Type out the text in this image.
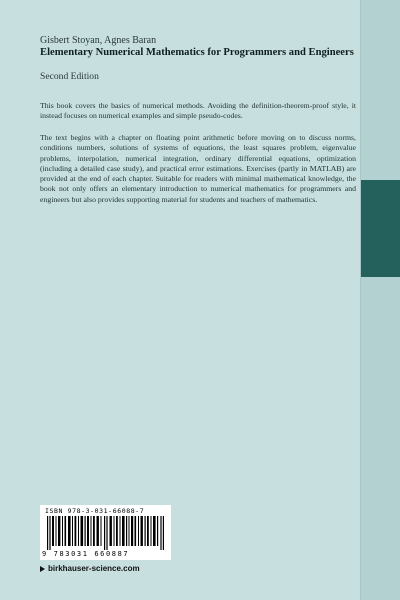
Gisbert Stoyan, Agnes Baran
Elementary Numerical Mathematics for Programmers and Engineers
Second Edition
This book covers the basics of numerical methods. Avoiding the definition-theorem-proof style, it instead focuses on numerical examples and simple pseudo-codes.
The text begins with a chapter on floating point arithmetic before moving on to discuss norms, conditions numbers, solutions of systems of equations, the least squares problem, eigenvalue problems, interpolation, numerical integration, ordinary differential equations, optimization (including a detailed case study), and practical error estimations. Exercises (partly in MATLAB) are provided at the end of each chapter. Suitable for readers with minimal mathematical knowledge, the book not only offers an elementary introduction to numerical mathematics for programmers and engineers but also provides supporting material for students and teachers of mathematics.
ISBN 978-3-031-66088-7
9 783031 660887
birkhauser-science.com
